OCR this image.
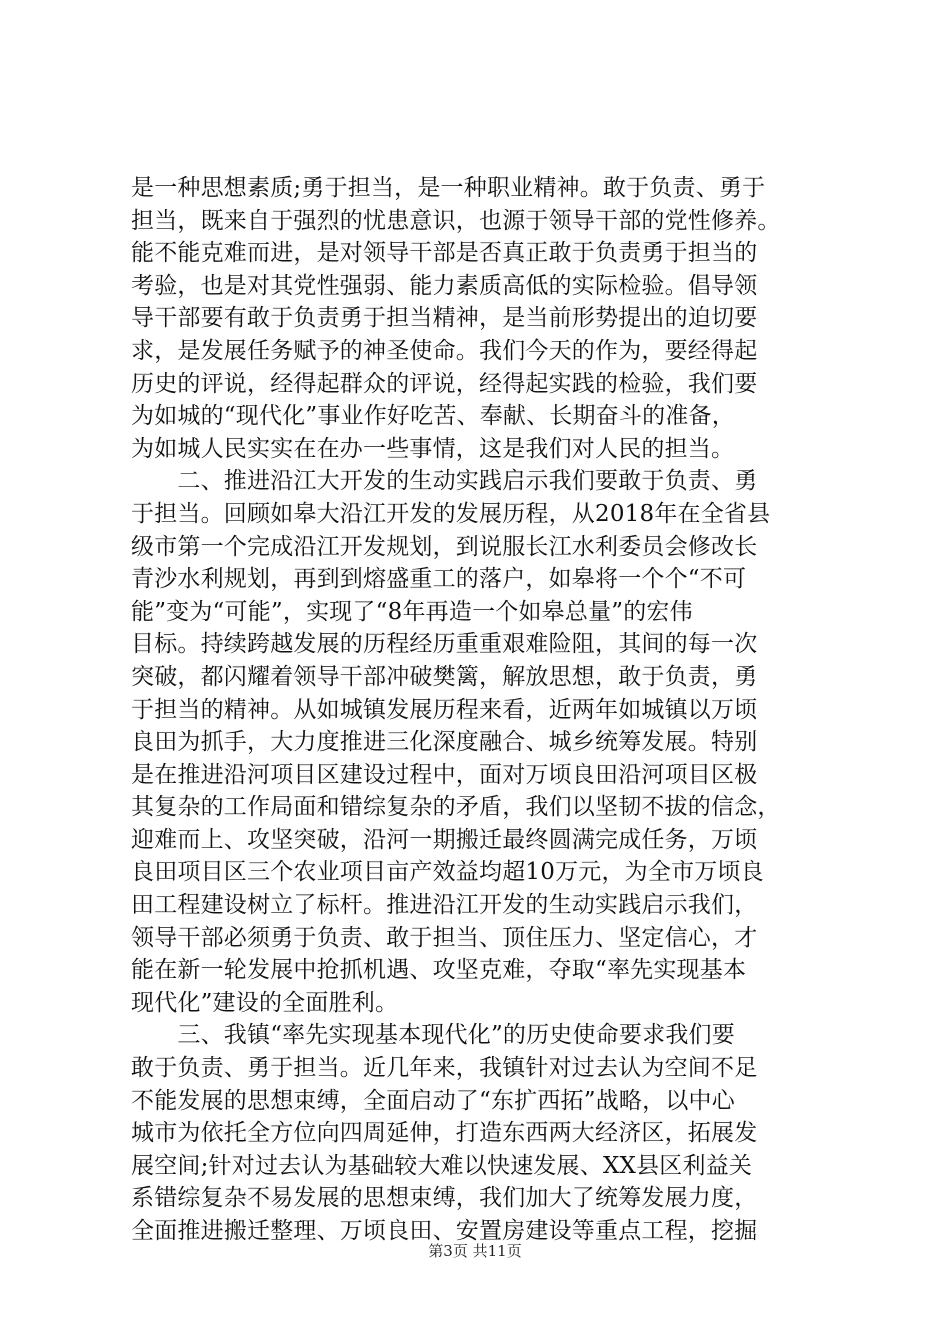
是一种思想素质;勇于担当，是一种职业精神。敢于负责、勇于
担当，既来自于强烈的忧患意识，也源于领导干部的党性修养。
能不能克难而进，是对领导干部是否真正敢于负责勇于担当的
考验，也是对其党性强弱、能力素质高低的实际检验。倡导领
导干部要有敢于负责勇于担当精神，是当前形势提出的迫切要
求，是发展任务赋予的神圣使命。我们今天的作为，要经得起
历史的评说，经得起群众的评说，经得起实践的检验，我们要
为如城的“现代化”事业作好吃苦、奉献、长期奋斗的准备，
为如城人民实实在在办一些事情，这是我们对人民的担当。
　　二、推进沿江大开发的生动实践启示我们要敢于负责、勇
于担当。回顾如皋大沿江开发的发展历程，从2018年在全省县
级市第一个完成沿江开发规划，到说服长江水利委员会修改长
青沙水利规划，再到到熔盛重工的落户，如皋将一个个“不可
能”变为“可能”，实现了“8年再造一个如皋总量”的宏伟
目标。持续跨越发展的历程经历重重艰难险阻，其间的每一次
突破，都闪耀着领导干部冲破樊篱，解放思想，敢于负责，勇
于担当的精神。从如城镇发展历程来看，近两年如城镇以万顷
良田为抓手，大力度推进三化深度融合、城乡统筹发展。特别
是在推进沿河项目区建设过程中，面对万顷良田沿河项目区极
其复杂的工作局面和错综复杂的矛盾，我们以坚韧不拔的信念，
迎难而上、攻坚突破，沿河一期搬迁最终圆满完成任务，万顷
良田项目区三个农业项目亩产效益均超10万元，为全市万顷良
田工程建设树立了标杆。推进沿江开发的生动实践启示我们，
领导干部必须勇于负责、敢于担当、顶住压力、坚定信心，才
能在新一轮发展中抢抓机遇、攻坚克难，夺取“率先实现基本
现代化”建设的全面胜利。
　　三、我镇“率先实现基本现代化”的历史使命要求我们要
敢于负责、勇于担当。近几年来，我镇针对过去认为空间不足
不能发展的思想束缚，全面启动了“东扩西拓”战略，以中心
城市为依托全方位向四周延伸，打造东西两大经济区，拓展发
展空间;针对过去认为基础较大难以快速发展、XX县区利益关
系错综复杂不易发展的思想束缚，我们加大了统筹发展力度，
全面推进搬迁整理、万顷良田、安置房建设等重点工程，挖掘
第3页 共11页
